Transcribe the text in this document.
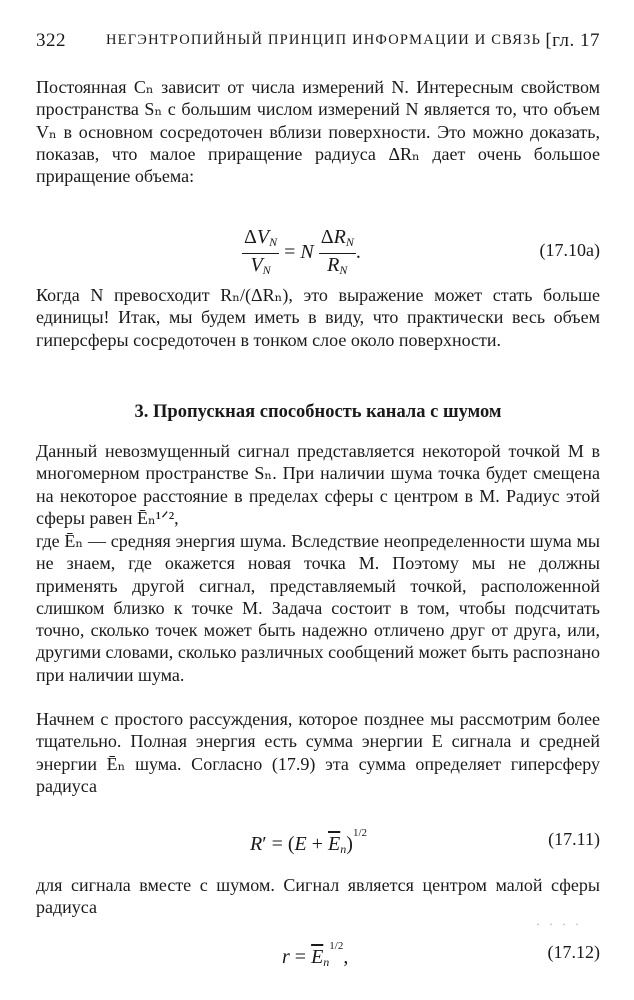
322	НЕГЭНТРОПИЙНЫЙ ПРИНЦИП ИНФОРМАЦИИ И СВЯЗЬ [гл. 17
Постоянная Cₙ зависит от числа измерений N. Интересным свойством пространства Sₙ с большим числом измерений N является то, что объем Vₙ в основном сосредоточен вблизи поверхности. Это можно доказать, показав, что малое приращение радиуса ΔRₙ дает очень большое приращение объема:
$\frac{\Delta V_N}{V_N} = N \frac{\Delta R_N}{R_N}$ .	(17.10a)
Когда N превосходит Rₙ/(ΔRₙ), это выражение может стать больше единицы! Итак, мы будем иметь в виду, что практически весь объем гиперсферы сосредоточен в тонком слое около поверхности.
3. Пропускная способность канала с шумом
Данный невозмущенный сигнал представляется некоторой точкой M в многомерном пространстве Sₙ. При наличии шума точка будет смещена на некоторое расстояние в пределах сферы с центром в M. Радиус этой сферы равен Ēₙ¹ᐟ²,
где Ēₙ — средняя энергия шума. Вследствие неопределенности шума мы не знаем, где окажется новая точка M. Поэтому мы не должны применять другой сигнал, представляемый точкой, расположенной слишком близко к точке M. Задача состоит в том, чтобы подсчитать точно, сколько точек может быть надежно отличено друг от друга, или, другими словами, сколько различных сообщений может быть распознано при наличии шума.
Начнем с простого рассуждения, которое позднее мы рассмотрим более тщательно. Полная энергия есть сумма энергии E сигнала и средней энергии Ēₙ шума. Согласно (17.9) эта сумма определяет гиперсферу радиуса
$R' = (E + \overline{E}_n)^{1/2}$	(17.11)
для сигнала вместе с шумом. Сигнал является центром малой сферы радиуса
· · · ·
$r = \overline{E}_n^{1/2}$,	(17.12)
